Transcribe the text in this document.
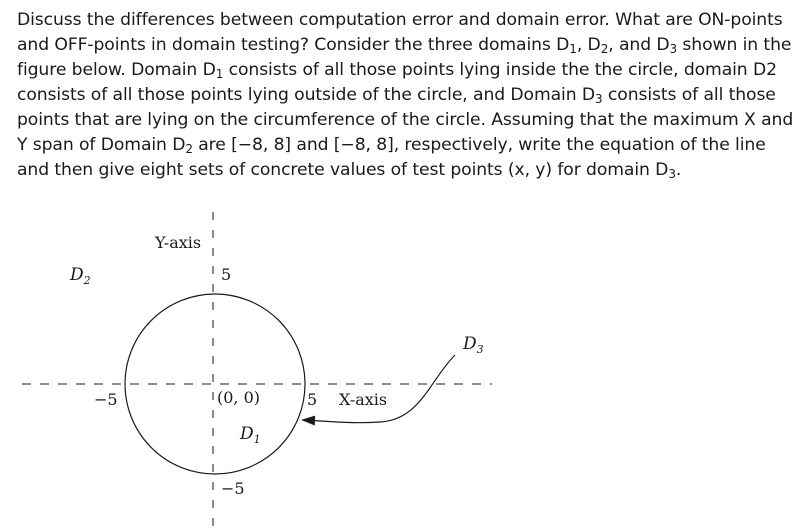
Discuss the differences between computation error and domain error. What are ON-points and OFF-points in domain testing? Consider the three domains $D_1$, $D_2$, and $D_3$ shown in the figure below. Domain $D_1$ consists of all those points lying inside the the circle, domain D2 consists of all those points lying outside of the circle, and Domain $D_3$ consists of all those points that are lying on the circumference of the circle. Assuming that the maximum X and Y span of Domain $D_2$ are [−8, 8] and [−8, 8], respectively, write the equation of the line and then give eight sets of concrete values of test points (x, y) for domain $D_3$.

Y-axis
X-axis
(0, 0)
5
−5
5
−5
$D_2$
$D_1$
$D_3$
